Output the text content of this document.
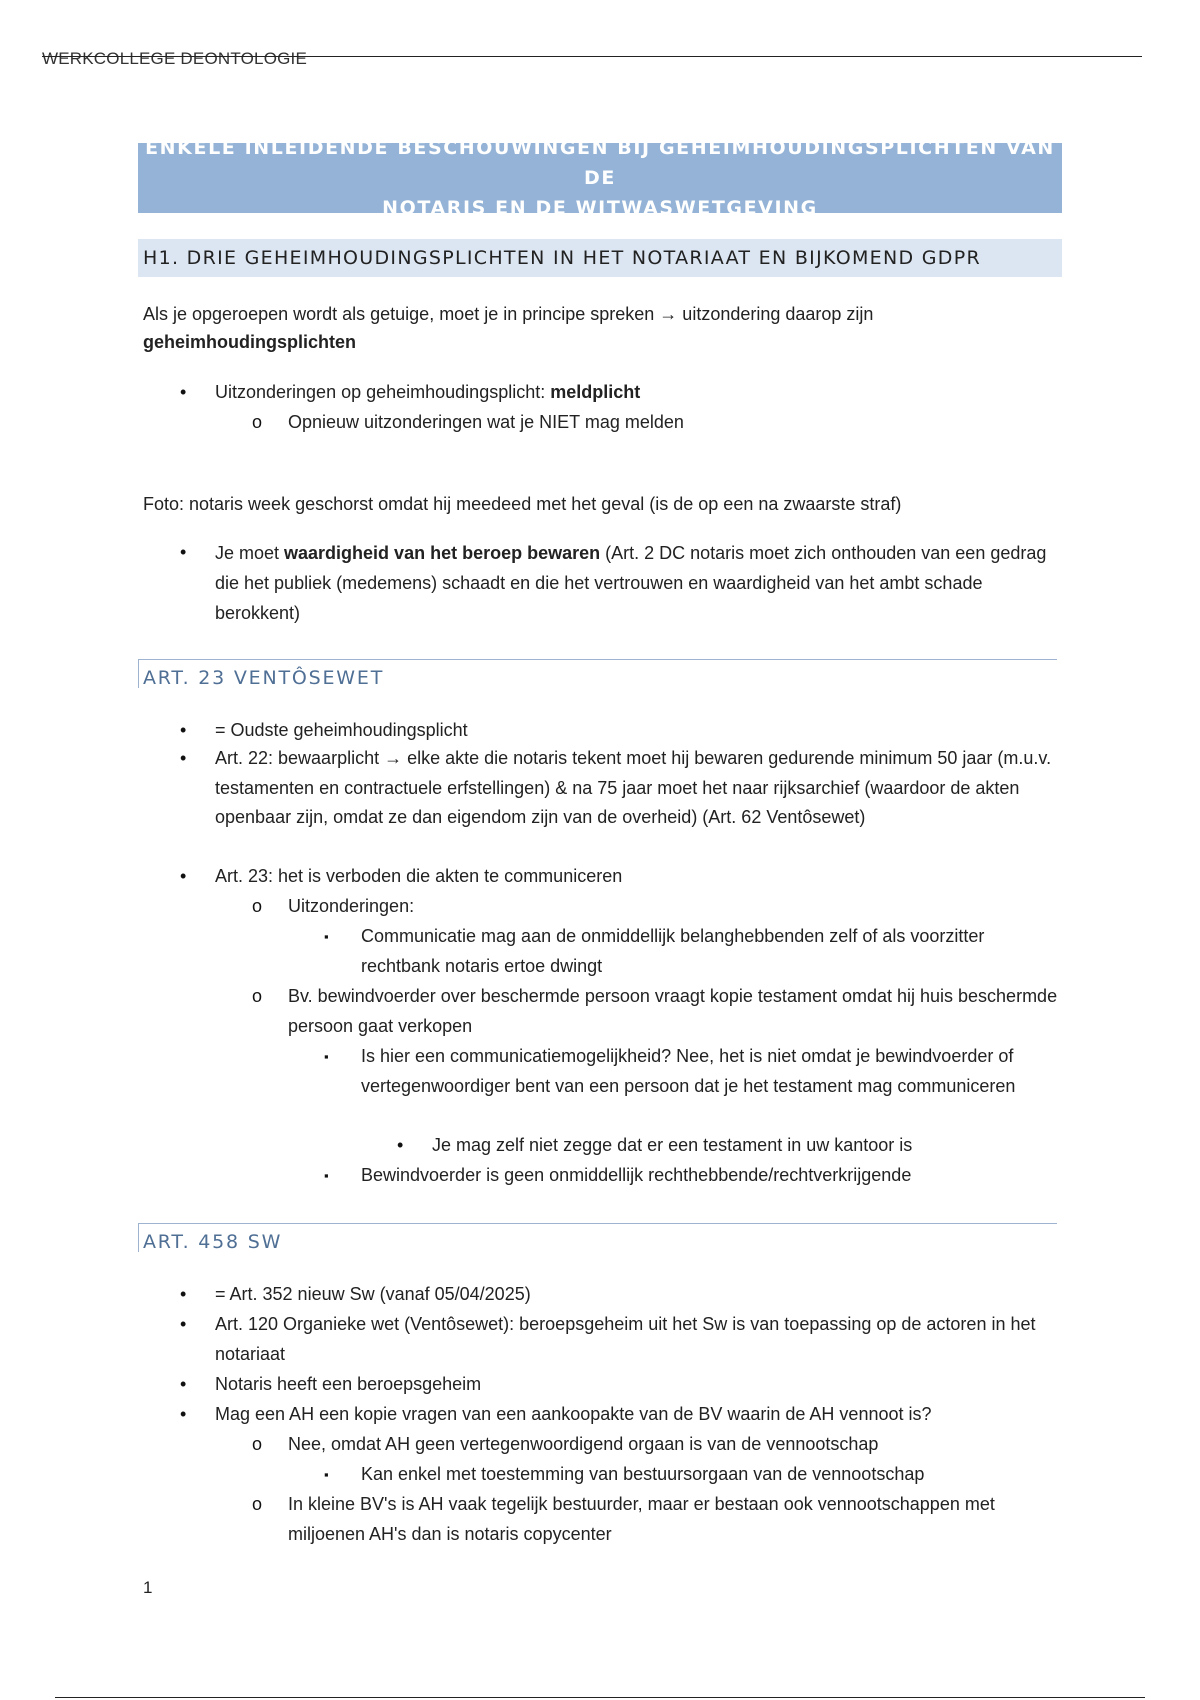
WERKCOLLEGE DEONTOLOGIE
ENKELE INLEIDENDE BESCHOUWINGEN BIJ GEHEIMHOUDINGSPLICHTEN VAN DE
NOTARIS EN DE WITWASWETGEVING
H1. DRIE GEHEIMHOUDINGSPLICHTEN IN HET NOTARIAAT EN BIJKOMEND GDPR
Als je opgeroepen wordt als getuige, moet je in principe spreken → uitzondering daarop zijn
geheimhoudingsplichten
• Uitzonderingen op geheimhoudingsplicht: meldplicht
o Opnieuw uitzonderingen wat je NIET mag melden
Foto: notaris week geschorst omdat hij meedeed met het geval (is de op een na zwaarste straf)
• Je moet waardigheid van het beroep bewaren (Art. 2 DC notaris moet zich onthouden van een gedrag die het publiek (medemens) schaadt en die het vertrouwen en waardigheid van het ambt schade berokkent)
ART. 23 VENTÔSEWET
• = Oudste geheimhoudingsplicht
• Art. 22: bewaarplicht → elke akte die notaris tekent moet hij bewaren gedurende minimum 50 jaar (m.u.v. testamenten en contractuele erfstellingen) & na 75 jaar moet het naar rijksarchief (waardoor de akten openbaar zijn, omdat ze dan eigendom zijn van de overheid) (Art. 62 Ventôsewet)
• Art. 23: het is verboden die akten te communiceren
o Uitzonderingen:
▪ Communicatie mag aan de onmiddellijk belanghebbenden zelf of als voorzitter rechtbank notaris ertoe dwingt
o Bv. bewindvoerder over beschermde persoon vraagt kopie testament omdat hij huis beschermde persoon gaat verkopen
▪ Is hier een communicatiemogelijkheid? Nee, het is niet omdat je bewindvoerder of vertegenwoordiger bent van een persoon dat je het testament mag communiceren
• Je mag zelf niet zegge dat er een testament in uw kantoor is
▪ Bewindvoerder is geen onmiddellijk rechthebbende/rechtverkrijgende
ART. 458 SW
• = Art. 352 nieuw Sw (vanaf 05/04/2025)
• Art. 120 Organieke wet (Ventôsewet): beroepsgeheim uit het Sw is van toepassing op de actoren in het notariaat
• Notaris heeft een beroepsgeheim
• Mag een AH een kopie vragen van een aankoopakte van de BV waarin de AH vennoot is?
o Nee, omdat AH geen vertegenwoordigend orgaan is van de vennootschap
▪ Kan enkel met toestemming van bestuursorgaan van de vennootschap
o In kleine BV's is AH vaak tegelijk bestuurder, maar er bestaan ook vennootschappen met miljoenen AH's dan is notaris copycenter
1
